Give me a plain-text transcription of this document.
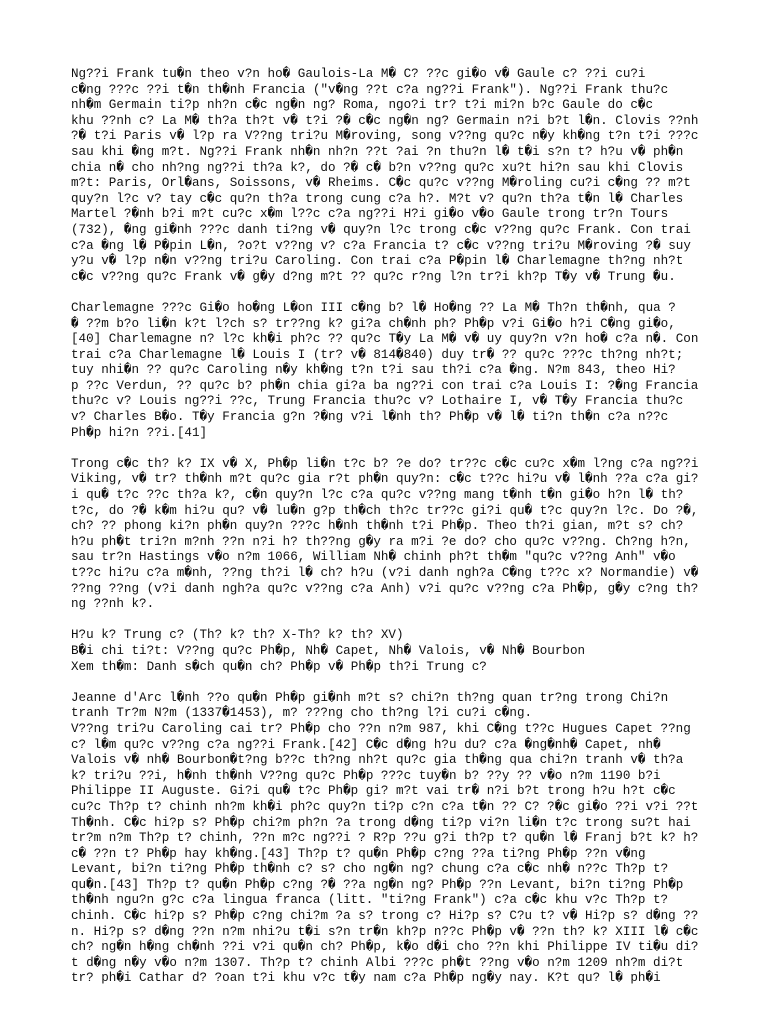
Ng??i Frank tu�n theo v?n ho� Gaulois-La M� C? ??c gi�o v� Gaule c? ??i cu?i
c�ng ???c ??i t�n th�nh Francia ("v�ng ??t c?a ng??i Frank"). Ng??i Frank thu?c
nh�m Germain ti?p nh?n c�c ng�n ng? Roma, ngo?i tr? t?i mi?n b?c Gaule do c�c
khu ??nh c? La M� th?a th?t v� t?i ?� c�c ng�n ng? Germain n?i b?t l�n. Clovis ??nh
?� t?i Paris v� l?p ra V??ng tri?u M�roving, song v??ng qu?c n�y kh�ng t?n t?i ???c
sau khi �ng m?t. Ng??i Frank nh�n nh?n ??t ?ai ?n thu?n l� t�i s?n t? h?u v� ph�n
chia n� cho nh?ng ng??i th?a k?, do ?� c� b?n v??ng qu?c xu?t hi?n sau khi Clovis
m?t: Paris, Orl�ans, Soissons, v� Rheims. C�c qu?c v??ng M�roling cu?i c�ng ?? m?t
quy?n l?c v? tay c�c qu?n th?a trong cung c?a h?. M?t v? qu?n th?a t�n l� Charles
Martel ?�nh b?i m?t cu?c x�m l??c c?a ng??i H?i gi�o v�o Gaule trong tr?n Tours
(732), �ng gi�nh ???c danh ti?ng v� quy?n l?c trong c�c v??ng qu?c Frank. Con trai
c?a �ng l� P�pin L�n, ?o?t v??ng v? c?a Francia t? c�c v??ng tri?u M�roving ?� suy
y?u v� l?p n�n v??ng tri?u Caroling. Con trai c?a P�pin l� Charlemagne th?ng nh?t
c�c v??ng qu?c Frank v� g�y d?ng m?t ?? qu?c r?ng l?n tr?i kh?p T�y v� Trung �u.
Charlemagne ???c Gi�o ho�ng L�on III c�ng b? l� Ho�ng ?? La M� Th?n th�nh, qua ?
� ??m b?o li�n k?t l?ch s? tr??ng k? gi?a ch�nh ph? Ph�p v?i Gi�o h?i C�ng gi�o,
[40] Charlemagne n? l?c kh�i ph?c ?? qu?c T�y La M� v� uy quy?n v?n ho� c?a n�. Con
trai c?a Charlemagne l� Louis I (tr? v� 814�840) duy tr� ?? qu?c ???c th?ng nh?t;
tuy nhi�n ?? qu?c Caroling n�y kh�ng t?n t?i sau th?i c?a �ng. N?m 843, theo Hi?
p ??c Verdun, ?? qu?c b? ph�n chia gi?a ba ng??i con trai c?a Louis I: ?�ng Francia
thu?c v? Louis ng??i ??c, Trung Francia thu?c v? Lothaire I, v� T�y Francia thu?c
v? Charles B�o. T�y Francia g?n ?�ng v?i l�nh th? Ph�p v� l� ti?n th�n c?a n??c
Ph�p hi?n ??i.[41]
Trong c�c th? k? IX v� X, Ph�p li�n t?c b? ?e do? tr??c c�c cu?c x�m l?ng c?a ng??i
Viking, v� tr? th�nh m?t qu?c gia r?t ph�n quy?n: c�c t??c hi?u v� l�nh ??a c?a gi?
i qu� t?c ??c th?a k?, c�n quy?n l?c c?a qu?c v??ng mang t�nh t�n gi�o h?n l� th?
t?c, do ?� k�m hi?u qu? v� lu�n g?p th�ch th?c tr??c gi?i qu� t?c quy?n l?c. Do ?�,
ch? ?? phong ki?n ph�n quy?n ???c h�nh th�nh t?i Ph�p. Theo th?i gian, m?t s? ch?
h?u ph�t tri?n m?nh ??n n?i h? th??ng g�y ra m?i ?e do? cho qu?c v??ng. Ch?ng h?n,
sau tr?n Hastings v�o n?m 1066, William Nh� chinh ph?t th�m "qu?c v??ng Anh" v�o
t??c hi?u c?a m�nh, ??ng th?i l� ch? h?u (v?i danh ngh?a C�ng t??c x? Normandie) v�
??ng ??ng (v?i danh ngh?a qu?c v??ng c?a Anh) v?i qu?c v??ng c?a Ph�p, g�y c?ng th?
ng ??nh k?.
H?u k? Trung c? (Th? k? th? X-Th? k? th? XV)
B�i chi ti?t: V??ng qu?c Ph�p, Nh� Capet, Nh� Valois, v� Nh� Bourbon
Xem th�m: Danh s�ch qu�n ch? Ph�p v� Ph�p th?i Trung c?
Jeanne d'Arc l�nh ??o qu�n Ph�p gi�nh m?t s? chi?n th?ng quan tr?ng trong Chi?n
tranh Tr?m N?m (1337�1453), m? ???ng cho th?ng l?i cu?i c�ng.
V??ng tri?u Caroling cai tr? Ph�p cho ??n n?m 987, khi C�ng t??c Hugues Capet ??ng
c? l�m qu?c v??ng c?a ng??i Frank.[42] C�c d�ng h?u du? c?a �ng�nh� Capet, nh�
Valois v� nh� Bourbon�t?ng b??c th?ng nh?t qu?c gia th�ng qua chi?n tranh v� th?a
k? tri?u ??i, h�nh th�nh V??ng qu?c Ph�p ???c tuy�n b? ??y ?? v�o n?m 1190 b?i
Philippe II Auguste. Gi?i qu� t?c Ph�p gi? m?t vai tr� n?i b?t trong h?u h?t c�c
cu?c Th?p t? chinh nh?m kh�i ph?c quy?n ti?p c?n c?a t�n ?? C? ?�c gi�o ??i v?i ??t
Th�nh. C�c hi?p s? Ph�p chi?m ph?n ?a trong d�ng ti?p vi?n li�n t?c trong su?t hai
tr?m n?m Th?p t? chinh, ??n m?c ng??i ? R?p ??u g?i th?p t? qu�n l� Franj b?t k? h?
c� ??n t? Ph�p hay kh�ng.[43] Th?p t? qu�n Ph�p c?ng ??a ti?ng Ph�p ??n v�ng
Levant, bi?n ti?ng Ph�p th�nh c? s? cho ng�n ng? chung c?a c�c nh� n??c Th?p t?
qu�n.[43] Th?p t? qu�n Ph�p c?ng ?� ??a ng�n ng? Ph�p ??n Levant, bi?n ti?ng Ph�p
th�nh ngu?n g?c c?a lingua franca (litt. "ti?ng Frank") c?a c�c khu v?c Th?p t?
chinh. C�c hi?p s? Ph�p c?ng chi?m ?a s? trong c? Hi?p s? C?u t? v� Hi?p s? d�ng ??
n. Hi?p s? d�ng ??n n?m nhi?u t�i s?n tr�n kh?p n??c Ph�p v� ??n th? k? XIII l� c�c
ch? ng�n h�ng ch�nh ??i v?i qu�n ch? Ph�p, k�o d�i cho ??n khi Philippe IV ti�u di?
t d�ng n�y v�o n?m 1307. Th?p t? chinh Albi ???c ph�t ??ng v�o n?m 1209 nh?m di?t
tr? ph�i Cathar d? ?oan t?i khu v?c t�y nam c?a Ph�p ng�y nay. K?t qu? l� ph�i
